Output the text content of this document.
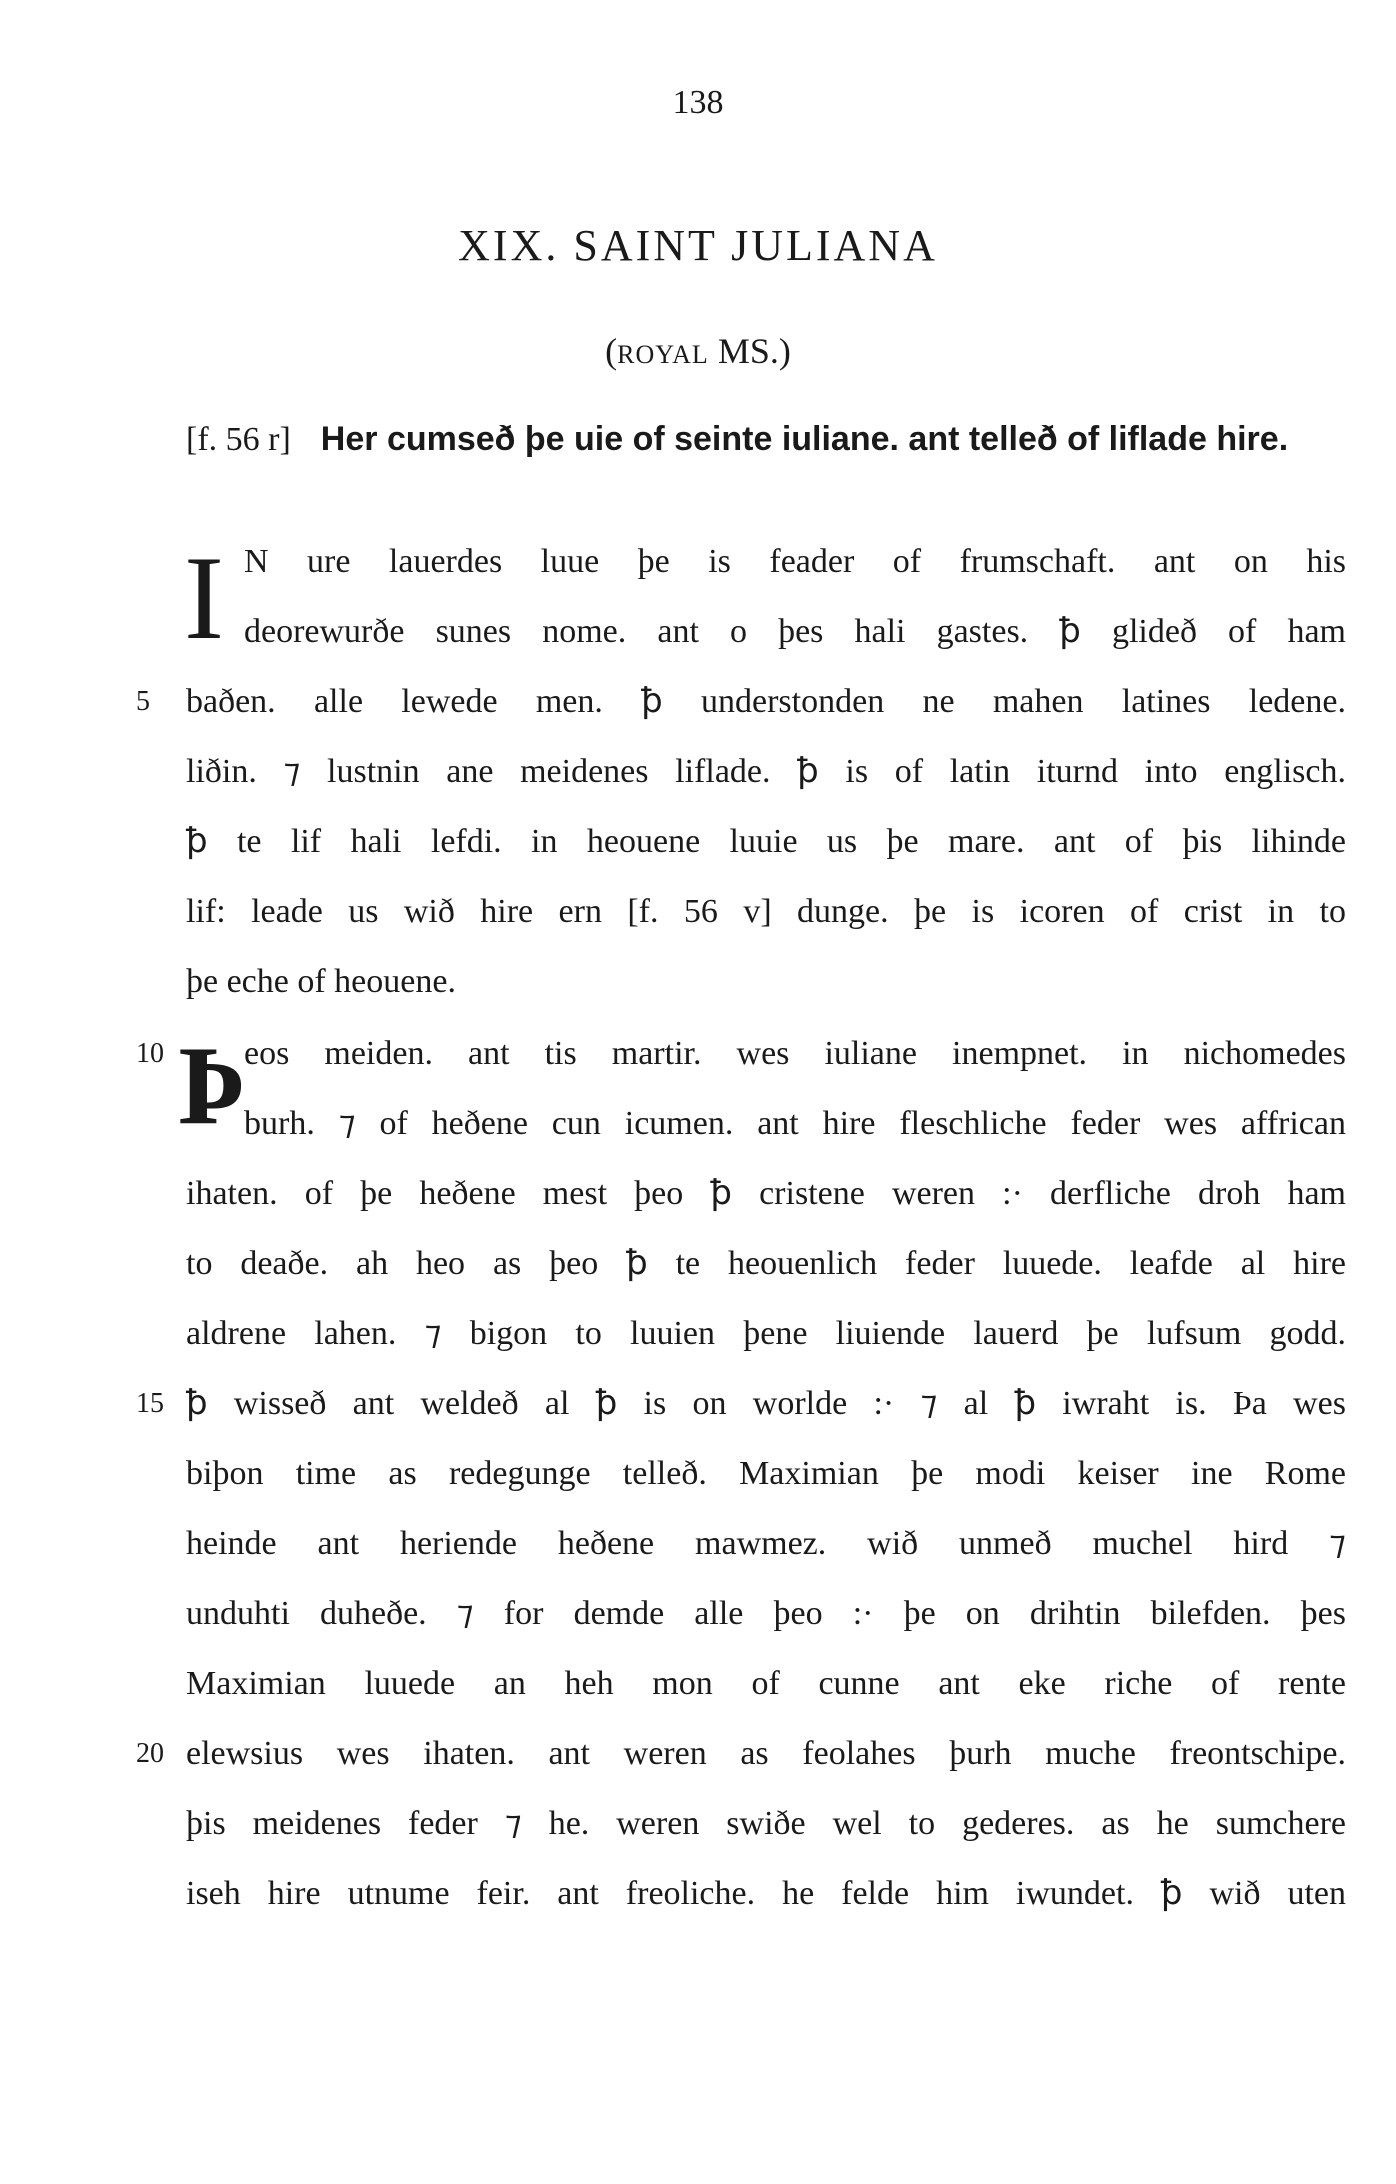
138
XIX. SAINT JULIANA
(ROYAL MS.)
[f. 56 r] Her cumseð þe uie of seinte iuliane. ant telleð of liflade hire.
I N ure lauerdes luue þe is feader of frumschaft. ant on his
deorewurðe sunes nome. ant o þes hali gastes. ꝥ glideð of ham
5	baðen. alle lewede men. ꝥ understonden ne mahen latines ledene.
liðin. ⁊ lustnin ane meidenes liflade. ꝥ is of latin iturnd into englisch.
ꝥ te lif hali lefdi. in heouene luuie us þe mare. ant of þis lihinde
lif: leade us wið hire ern [f. 56 v] dunge. þe is icoren of crist in to
þe eche of heouene.
10 Þ
eos meiden. ant tis martir. wes iuliane inempnet. in nichomedes
burh. ⁊ of heðene cun icumen. ant hire fleschliche feder wes affrican
ihaten. of þe heðene mest þeo ꝥ cristene weren :· derfliche droh ham
to deaðe. ah heo as þeo ꝥ te heouenlich feder luuede. leafde al hire
aldrene lahen. ⁊ bigon to luuien þene liuiende lauerd þe lufsum godd.
15 ꝥ wisseð ant weldeð al ꝥ is on worlde :· ⁊ al ꝥ iwraht is. Þa wes
biþon time as redegunge telleð. Maximian þe modi keiser ine Rome
heinde ant heriende heðene mawmez. wið unmeð muchel hird ⁊
unduhti duheðe. ⁊ for demde alle þeo :· þe on drihtin bilefden. þes
Maximian luuede an heh mon of cunne ant eke riche of rente
20 elewsius wes ihaten. ant weren as feolahes þurh muche freontschipe.
þis meidenes feder ⁊ he. weren swiðe wel to gederes. as he sumchere
iseh hire utnume feir. ant freoliche. he felde him iwundet. ꝥ wið uten
